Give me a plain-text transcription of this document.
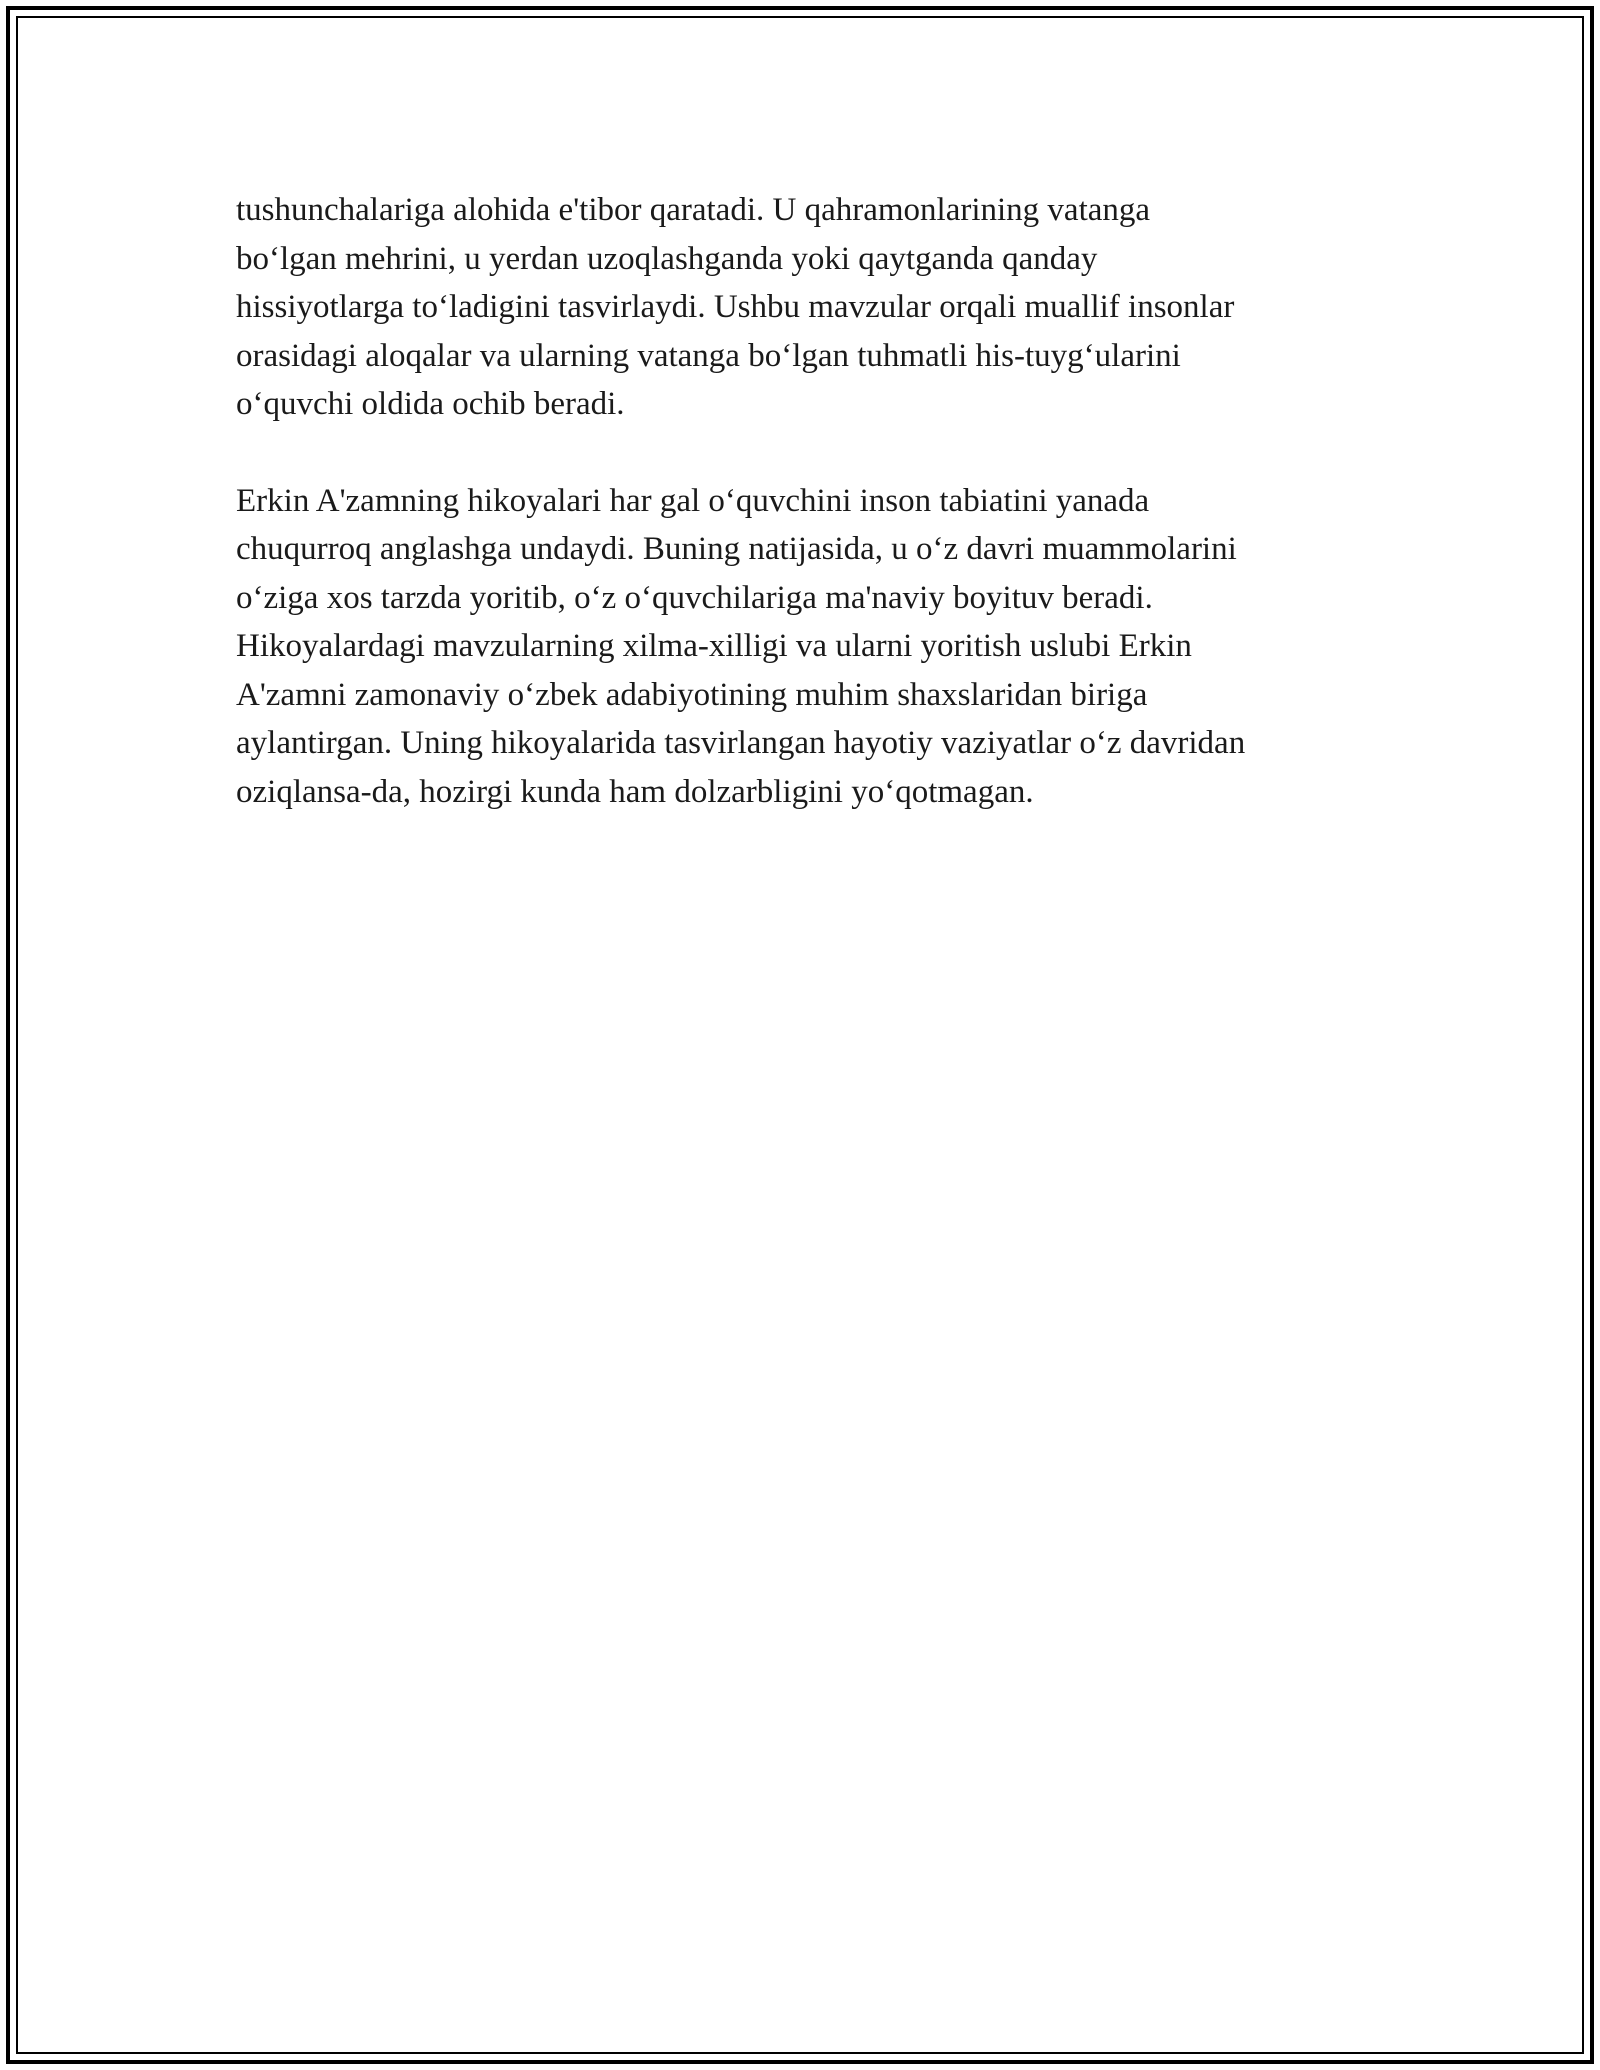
tushunchalariga alohida e'tibor qaratadi. U qahramonlarining vatanga
bo‘lgan mehrini, u yerdan uzoqlashganda yoki qaytganda qanday
hissiyotlarga to‘ladigini tasvirlaydi. Ushbu mavzular orqali muallif insonlar
orasidagi aloqalar va ularning vatanga bo‘lgan tuhmatli his-tuyg‘ularini
o‘quvchi oldida ochib beradi.

Erkin A'zamning hikoyalari har gal o‘quvchini inson tabiatini yanada
chuqurroq anglashga undaydi. Buning natijasida, u o‘z davri muammolarini
o‘ziga xos tarzda yoritib, o‘z o‘quvchilariga ma'naviy boyituv beradi.
Hikoyalardagi mavzularning xilma-xilligi va ularni yoritish uslubi Erkin
A'zamni zamonaviy o‘zbek adabiyotining muhim shaxslaridan biriga
aylantirgan. Uning hikoyalarida tasvirlangan hayotiy vaziyatlar o‘z davridan
oziqlansa-da, hozirgi kunda ham dolzarbligini yo‘qotmagan.
